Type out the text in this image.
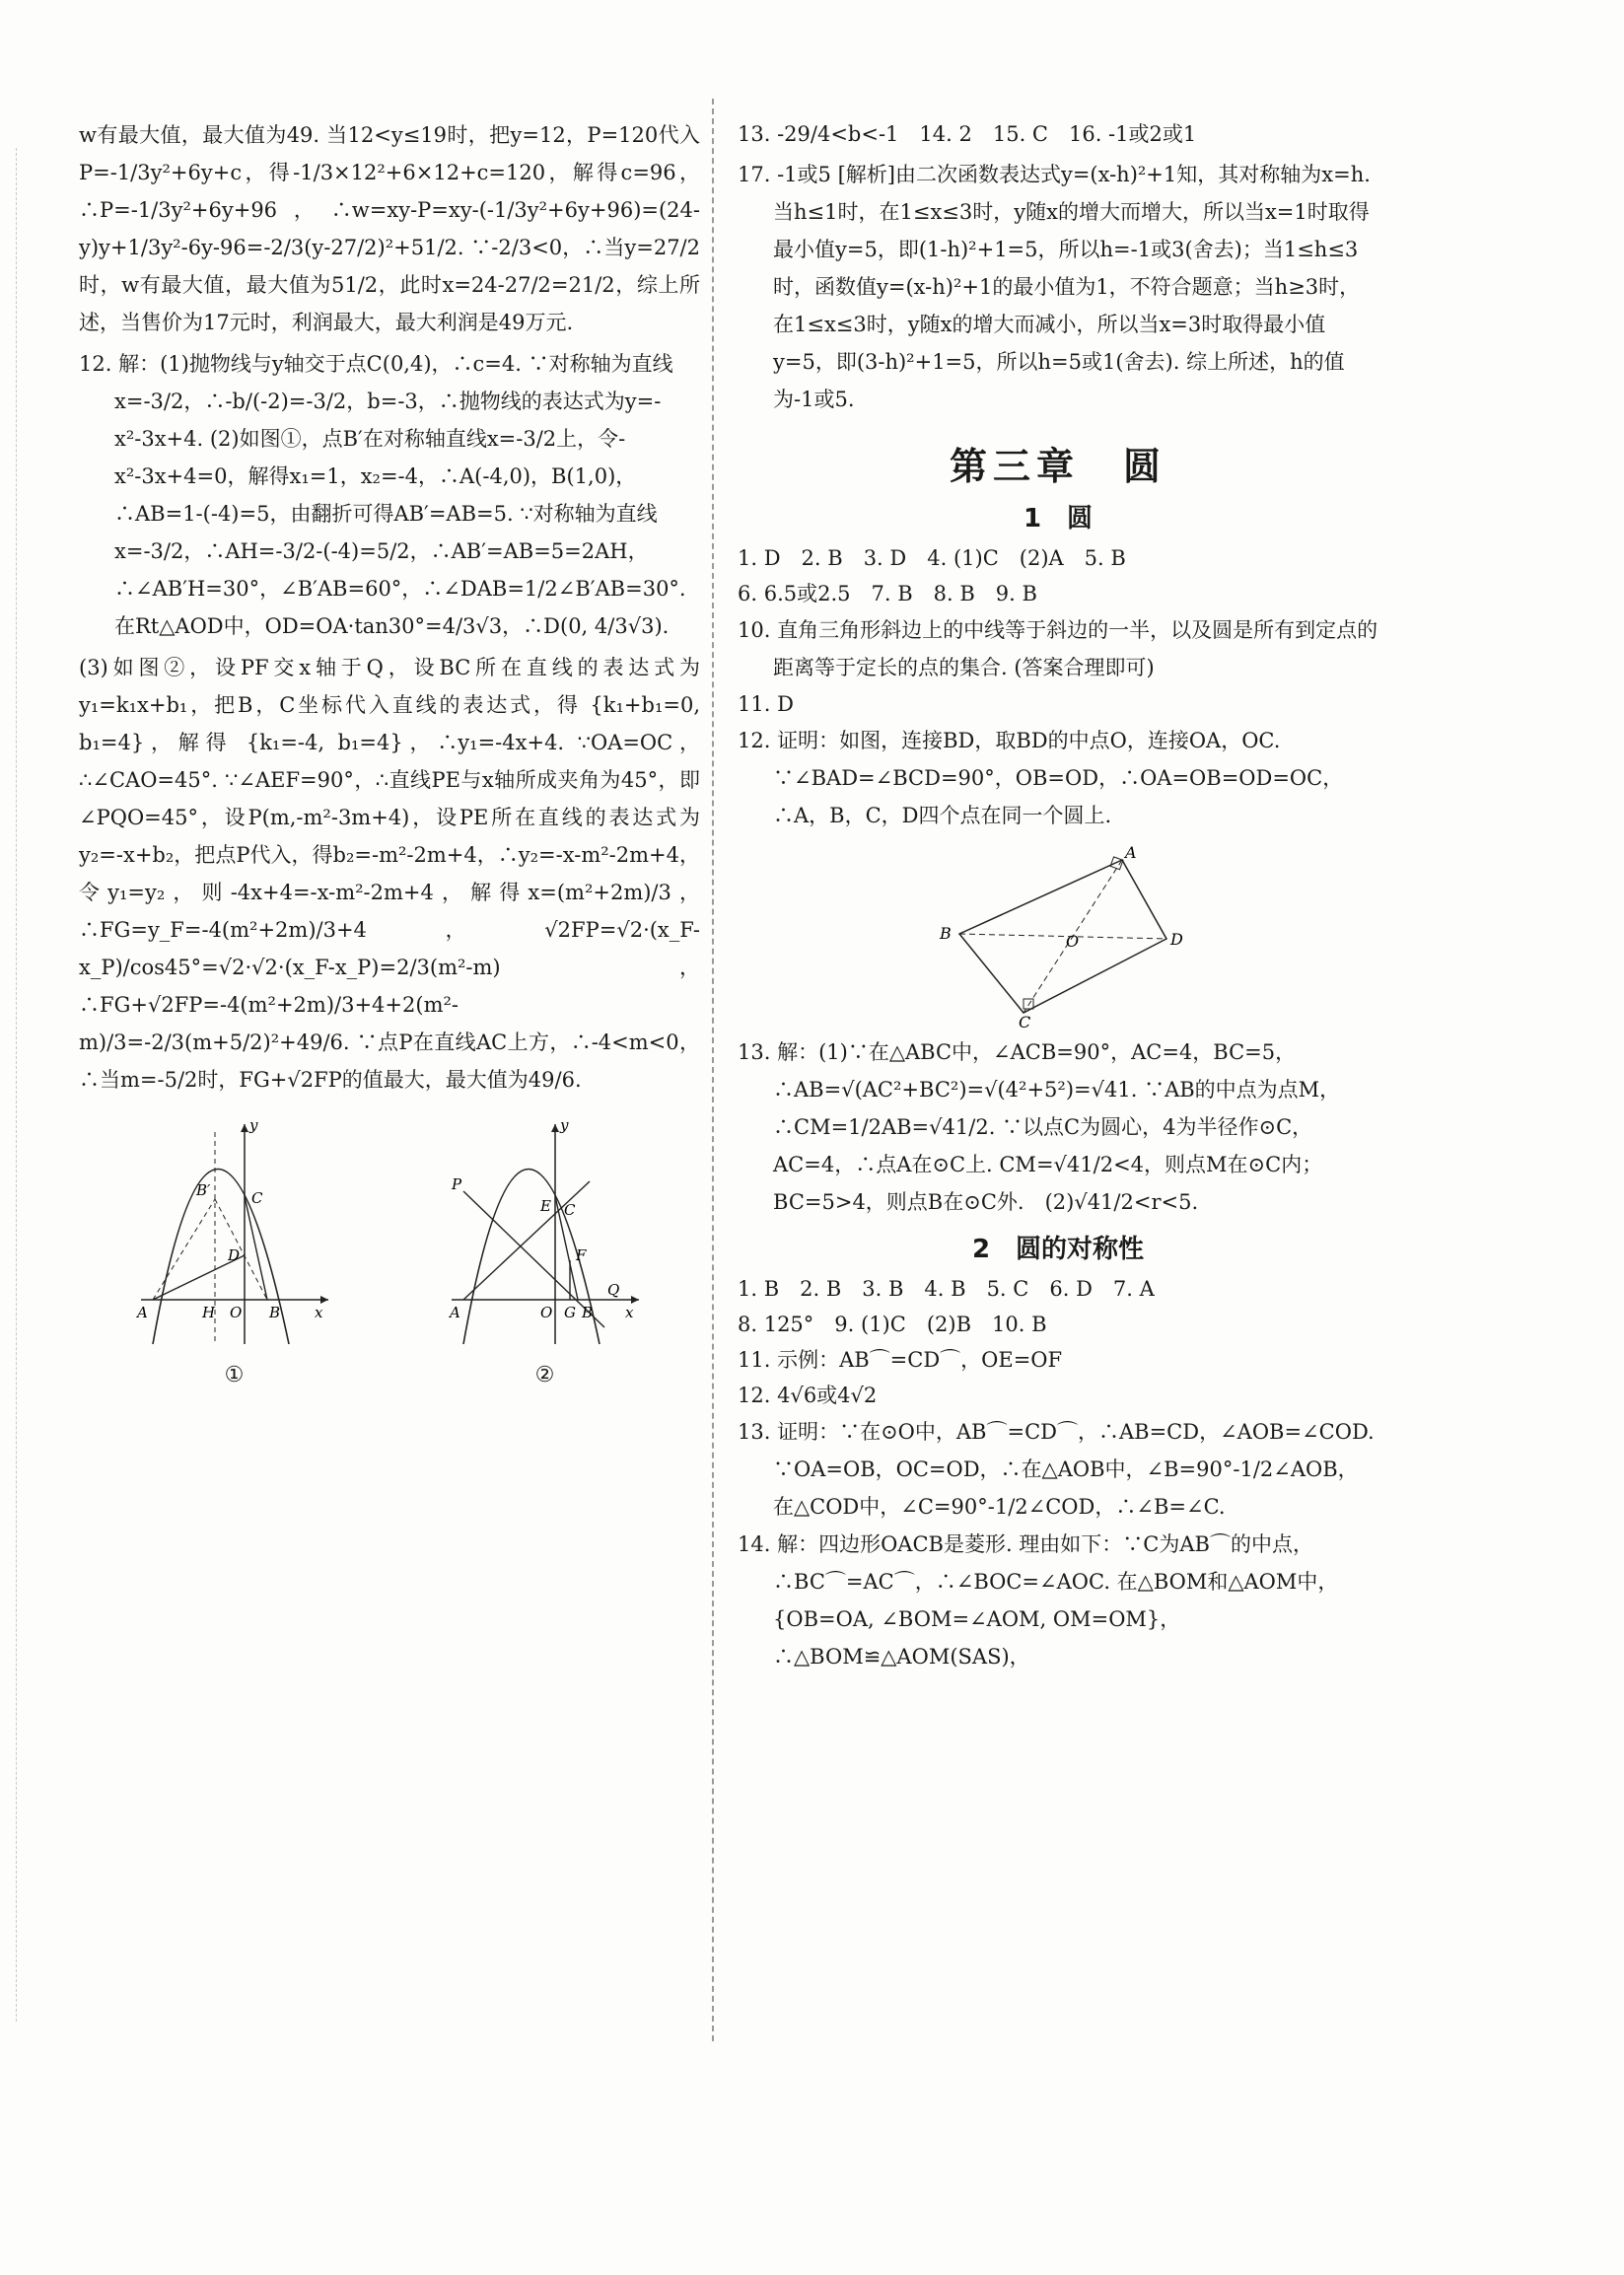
w有最大值，最大值为49. 当12<y≤19时，把y=12，P=120代入P=-1/3y²+6y+c，得-1/3×12²+6×12+c=120，解得c=96，∴P=-1/3y²+6y+96，∴w=xy-P=xy-(-1/3y²+6y+96)=(24-y)y+1/3y²-6y-96=-2/3(y-27/2)²+51/2. ∵-2/3<0，∴当y=27/2时，w有最大值，最大值为51/2，此时x=24-27/2=21/2，综上所述，当售价为17元时，利润最大，最大利润是49万元.

12. 解：(1)抛物线与y轴交于点C(0,4)，∴c=4. ∵对称轴为直线x=-3/2，∴-b/(-2)=-3/2，b=-3，∴抛物线的表达式为y=-x²-3x+4. (2)如图①，点B′在对称轴直线x=-3/2上，令-x²-3x+4=0，解得x₁=1，x₂=-4，∴A(-4,0)，B(1,0)，∴AB=1-(-4)=5，由翻折可得AB′=AB=5. ∵对称轴为直线x=-3/2，∴AH=-3/2-(-4)=5/2，∴AB′=AB=5=2AH，∴∠AB′H=30°，∠B′AB=60°，∴∠DAB=1/2∠B′AB=30°. 在Rt△AOD中，OD=OA·tan30°=4/3√3，∴D(0, 4/3√3).

(3)如图②，设PF交x轴于Q，设BC所在直线的表达式为y₁=k₁x+b₁，把B，C坐标代入直线的表达式，得 {k₁+b₁=0, b₁=4}，解得 {k₁=-4, b₁=4}，∴y₁=-4x+4. ∵OA=OC，∴∠CAO=45°. ∵∠AEF=90°，∴直线PE与x轴所成夹角为45°，即∠PQO=45°，设P(m,-m²-3m+4)，设PE所在直线的表达式为y₂=-x+b₂，把点P代入，得b₂=-m²-2m+4，∴y₂=-x-m²-2m+4，令y₁=y₂，则-4x+4=-x-m²-2m+4，解得x=(m²+2m)/3，∴FG=y_F=-4(m²+2m)/3+4，√2FP=√2·(x_F-x_P)/cos45°=√2·√2·(x_F-x_P)=2/3(m²-m)，∴FG+√2FP=-4(m²+2m)/3+4+2(m²-m)/3=-2/3(m+5/2)²+49/6. ∵点P在直线AC上方，∴-4<m<0，∴当m=-5/2时，FG+√2FP的值最大，最大值为49/6.

y
B′	C
D
A	H O B x
①
y
P
E C
F
Q
A	O G B x
②

13. -29/4<b<-1　14. 2　15. C　16. -1或2或1

17. -1或5 [解析]由二次函数表达式y=(x-h)²+1知，其对称轴为x=h. 当h≤1时，在1≤x≤3时，y随x的增大而增大，所以当x=1时取得最小值y=5，即(1-h)²+1=5，所以h=-1或3(舍去)；当1≤h≤3时，函数值y=(x-h)²+1的最小值为1，不符合题意；当h≥3时，在1≤x≤3时，y随x的增大而减小，所以当x=3时取得最小值y=5，即(3-h)²+1=5，所以h=5或1(舍去). 综上所述，h的值为-1或5.

第三章　圆
1　圆

1. D　2. B　3. D　4. (1)C　(2)A　5. B

6. 6.5或2.5　7. B　8. B　9. B

10. 直角三角形斜边上的中线等于斜边的一半，以及圆是所有到定点的距离等于定长的点的集合. (答案合理即可)

11. D

12. 证明：如图，连接BD，取BD的中点O，连接OA，OC. ∵∠BAD=∠BCD=90°，OB=OD，∴OA=OB=OD=OC，∴A，B，C，D四个点在同一个圆上.

A
B	O	D
C

13. 解：(1)∵在△ABC中，∠ACB=90°，AC=4，BC=5，∴AB=√(AC²+BC²)=√(4²+5²)=√41. ∵AB的中点为点M，∴CM=1/2AB=√41/2. ∵以点C为圆心，4为半径作⊙C，AC=4，∴点A在⊙C上. CM=√41/2<4，则点M在⊙C内；BC=5>4，则点B在⊙C外.　(2)√41/2<r<5.

2　圆的对称性

1. B　2. B　3. B　4. B　5. C　6. D　7. A

8. 125°　9. (1)C　(2)B　10. B

11. 示例：AB⌒=CD⌒，OE=OF

12. 4√6或4√2

13. 证明：∵在⊙O中，AB⌒=CD⌒，∴AB=CD，∠AOB=∠COD. ∵OA=OB，OC=OD，∴在△AOB中，∠B=90°-1/2∠AOB，在△COD中，∠C=90°-1/2∠COD，∴∠B=∠C.

14. 解：四边形OACB是菱形. 理由如下：∵C为AB⌒的中点，∴BC⌒=AC⌒，∴∠BOC=∠AOC. 在△BOM和△AOM中，{OB=OA, ∠BOM=∠AOM, OM=OM}，∴△BOM≌△AOM(SAS)，
